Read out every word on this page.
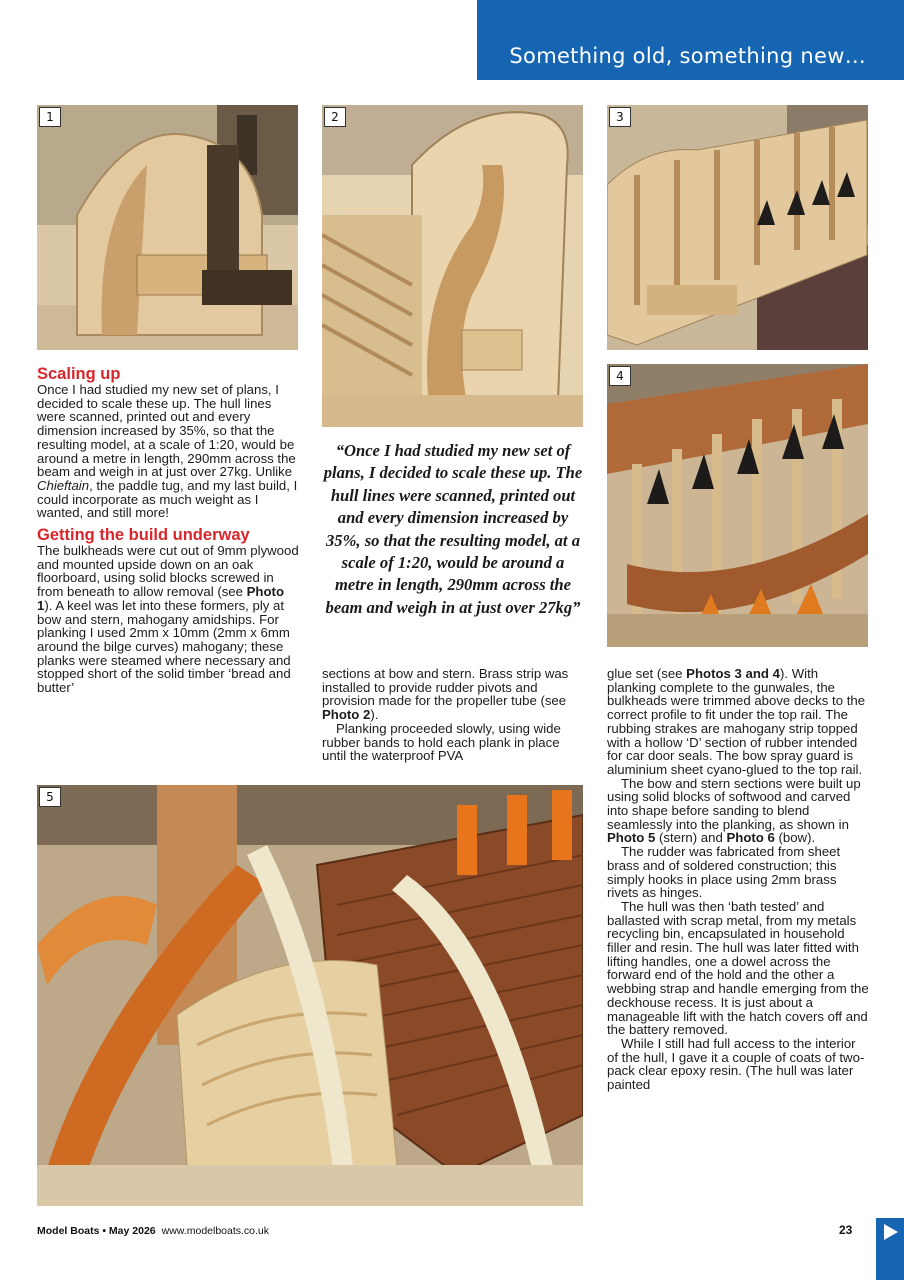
Something old, something new…
1	2	3
4
5
Scaling up

Once I had studied my new set of plans, I decided to scale these up. The hull lines were scanned, printed out and every dimension increased by 35%, so that the resulting model, at a scale of 1:20, would be around a metre in length, 290mm across the beam and weigh in at just over 27kg. Unlike Chieftain, the paddle tug, and my last build, I could incorporate as much weight as I wanted, and still more!

Getting the build underway

The bulkheads were cut out of 9mm plywood and mounted upside down on an oak floorboard, using solid blocks screwed in from beneath to allow removal (see Photo 1). A keel was let into these formers, ply at bow and stern, mahogany amidships. For planking I used 2mm x 10mm (2mm x 6mm around the bilge curves) mahogany; these planks were steamed where necessary and stopped short of the solid timber ‘bread and butter’

“Once I had studied my new set of plans, I decided to scale these up. The hull lines were scanned, printed out and every dimension increased by 35%, so that the resulting model, at a scale of 1:20, would be around a metre in length, 290mm across the beam and weigh in at just over 27kg”

sections at bow and stern. Brass strip was installed to provide rudder pivots and provision made for the propeller tube (see Photo 2).

Planking proceeded slowly, using wide rubber bands to hold each plank in place until the waterproof PVA

glue set (see Photos 3 and 4). With planking complete to the gunwales, the bulkheads were trimmed above decks to the correct profile to fit under the top rail. The rubbing strakes are mahogany strip topped with a hollow ‘D’ section of rubber intended for car door seals. The bow spray guard is aluminium sheet cyano-glued to the top rail.

The bow and stern sections were built up using solid blocks of softwood and carved into shape before sanding to blend seamlessly into the planking, as shown in Photo 5 (stern) and Photo 6 (bow).

The rudder was fabricated from sheet brass and of soldered construction; this simply hooks in place using 2mm brass rivets as hinges.

The hull was then ‘bath tested’ and ballasted with scrap metal, from my metals recycling bin, encapsulated in household filler and resin. The hull was later fitted with lifting handles, one a dowel across the forward end of the hold and the other a webbing strap and handle emerging from the deckhouse recess. It is just about a manageable lift with the hatch covers off and the battery removed.

While I still had full access to the interior of the hull, I gave it a couple of coats of two-pack clear epoxy resin. (The hull was later painted

Model Boats • May 2026 www.modelboats.co.uk	23
